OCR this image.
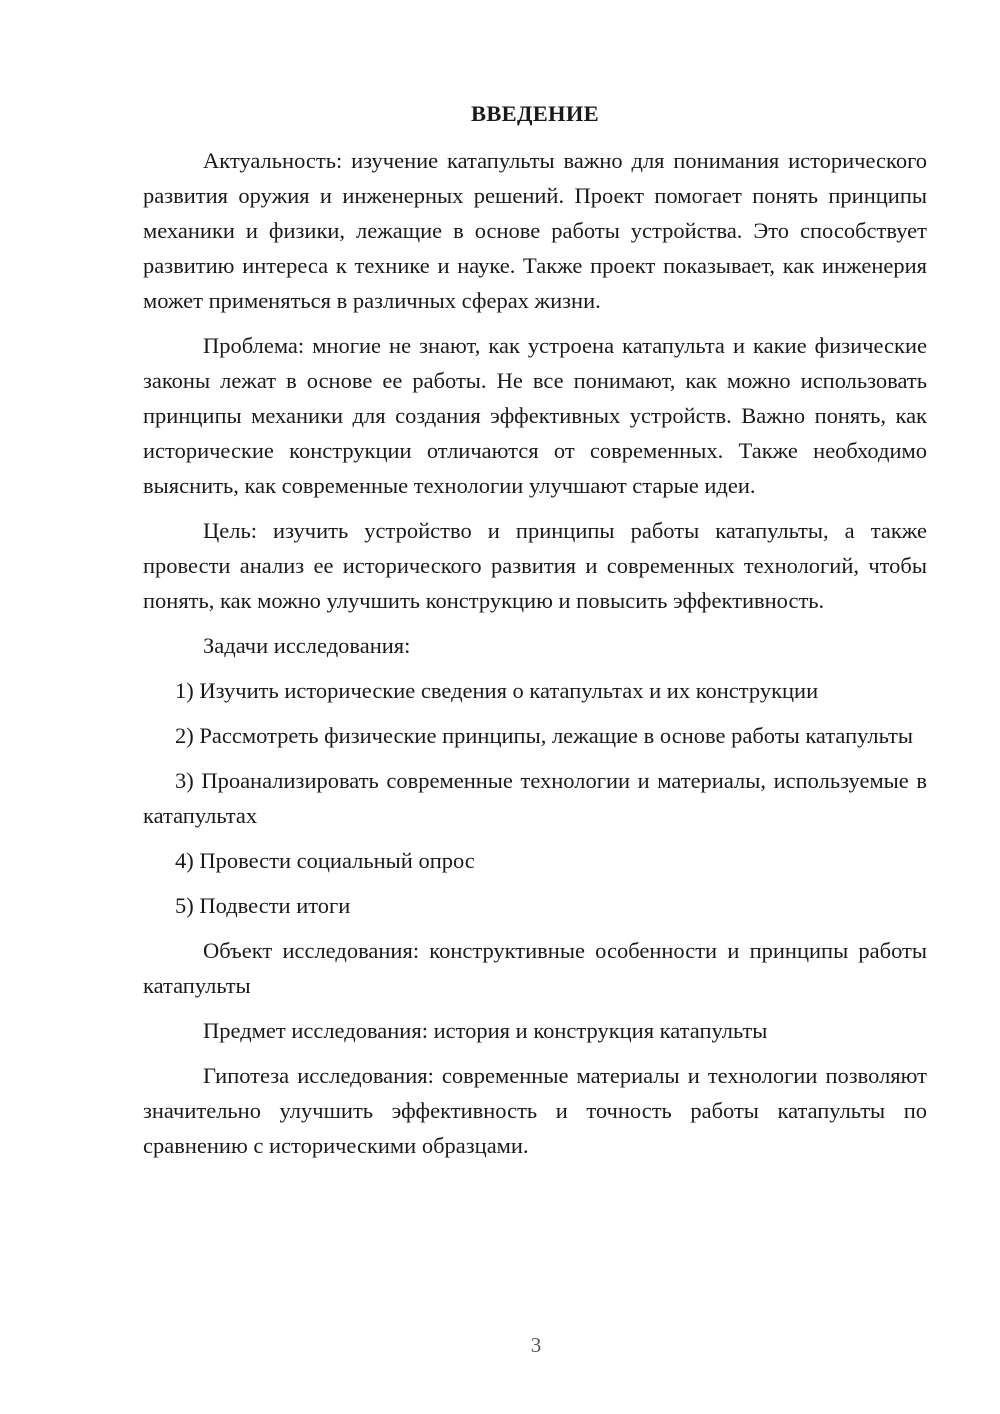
ВВЕДЕНИЕ

Актуальность: изучение катапульты важно для понимания исторического развития оружия и инженерных решений. Проект помогает понять принципы механики и физики, лежащие в основе работы устройства. Это способствует развитию интереса к технике и науке. Также проект показывает, как инженерия может применяться в различных сферах жизни.

Проблема: многие не знают, как устроена катапульта и какие физические законы лежат в основе ее работы. Не все понимают, как можно использовать принципы механики для создания эффективных устройств. Важно понять, как исторические конструкции отличаются от современных. Также необходимо выяснить, как современные технологии улучшают старые идеи.

Цель: изучить устройство и принципы работы катапульты, а также провести анализ ее исторического развития и современных технологий, чтобы понять, как можно улучшить конструкцию и повысить эффективность.

Задачи исследования:

1) Изучить исторические сведения о катапультах и их конструкции

2) Рассмотреть физические принципы, лежащие в основе работы катапульты

3) Проанализировать современные технологии и материалы, используемые в катапультах

4) Провести социальный опрос

5) Подвести итоги

Объект исследования: конструктивные особенности и принципы работы катапульты

Предмет исследования: история и конструкция катапульты

Гипотеза исследования: современные материалы и технологии позволяют значительно улучшить эффективность и точность работы катапульты по сравнению с историческими образцами.

3
